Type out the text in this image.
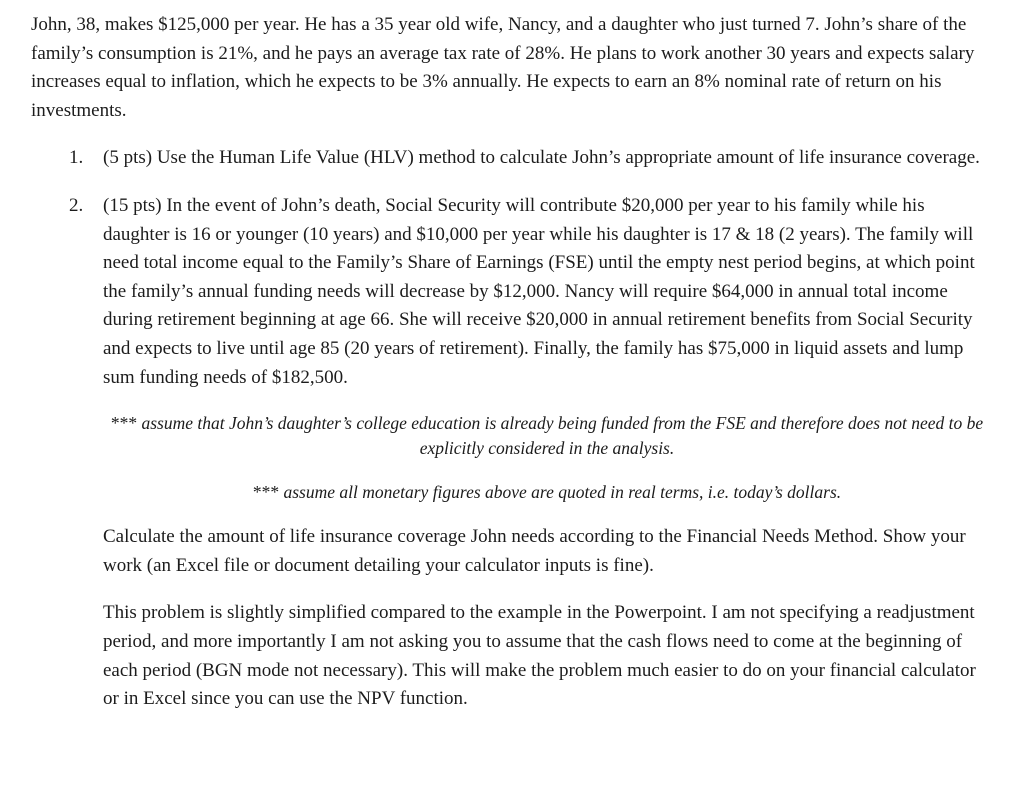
John, 38, makes $125,000 per year. He has a 35 year old wife, Nancy, and a daughter who just turned 7. John’s share of the family’s consumption is 21%, and he pays an average tax rate of 28%. He plans to work another 30 years and expects salary increases equal to inflation, which he expects to be 3% annually. He expects to earn an 8% nominal rate of return on his investments.

1. (5 pts) Use the Human Life Value (HLV) method to calculate John’s appropriate amount of life insurance coverage.
2. (15 pts) In the event of John’s death, Social Security will contribute $20,000 per year to his family while his daughter is 16 or younger (10 years) and $10,000 per year while his daughter is 17 & 18 (2 years). The family will need total income equal to the Family’s Share of Earnings (FSE) until the empty nest period begins, at which point the family’s annual funding needs will decrease by $12,000. Nancy will require $64,000 in annual total income during retirement beginning at age 66. She will receive $20,000 in annual retirement benefits from Social Security and expects to live until age 85 (20 years of retirement). Finally, the family has $75,000 in liquid assets and lump sum funding needs of $182,500.
*** assume that John’s daughter’s college education is already being funded from the FSE and therefore does not need to be explicitly considered in the analysis.
*** assume all monetary figures above are quoted in real terms, i.e. today’s dollars.

Calculate the amount of life insurance coverage John needs according to the Financial Needs Method. Show your work (an Excel file or document detailing your calculator inputs is fine).

This problem is slightly simplified compared to the example in the Powerpoint. I am not specifying a readjustment period, and more importantly I am not asking you to assume that the cash flows need to come at the beginning of each period (BGN mode not necessary). This will make the problem much easier to do on your financial calculator or in Excel since you can use the NPV function.
